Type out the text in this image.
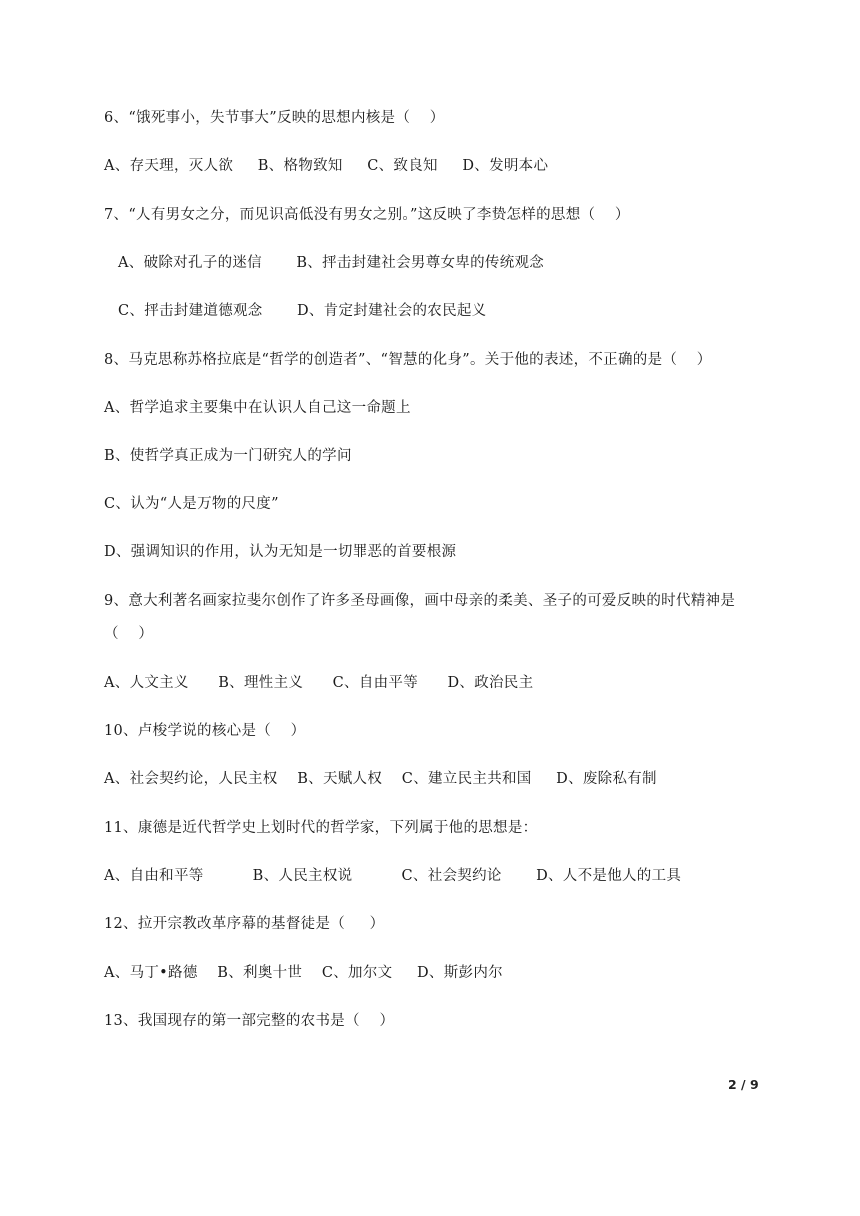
6、“饿死事小，失节事大”反映的思想内核是（    ）
A、存天理，灭人欲     B、格物致知     C、致良知     D、发明本心
7、“人有男女之分，而见识高低没有男女之别。”这反映了李贽怎样的思想（    ）
A、破除对孔子的迷信       B、抨击封建社会男尊女卑的传统观念
C、抨击封建道德观念       D、肯定封建社会的农民起义
8、马克思称苏格拉底是“哲学的创造者”、“智慧的化身”。关于他的表述，不正确的是（    ）
A、哲学追求主要集中在认识人自己这一命题上
B、使哲学真正成为一门研究人的学问
C、认为“人是万物的尺度”
D、强调知识的作用，认为无知是一切罪恶的首要根源
9、意大利著名画家拉斐尔创作了许多圣母画像，画中母亲的柔美、圣子的可爱反映的时代精神是
（    ）
A、人文主义      B、理性主义      C、自由平等      D、政治民主
10、卢梭学说的核心是（    ）
A、社会契约论，人民主权    B、天赋人权    C、建立民主共和国     D、废除私有制
11、康德是近代哲学史上划时代的哲学家，下列属于他的思想是：
A、自由和平等          B、人民主权说          C、社会契约论       D、人不是他人的工具
12、拉开宗教改革序幕的基督徒是（     ）
A、马丁•路德    B、利奥十世    C、加尔文     D、斯彭内尔
13、我国现存的第一部完整的农书是（    ）
2 / 9
